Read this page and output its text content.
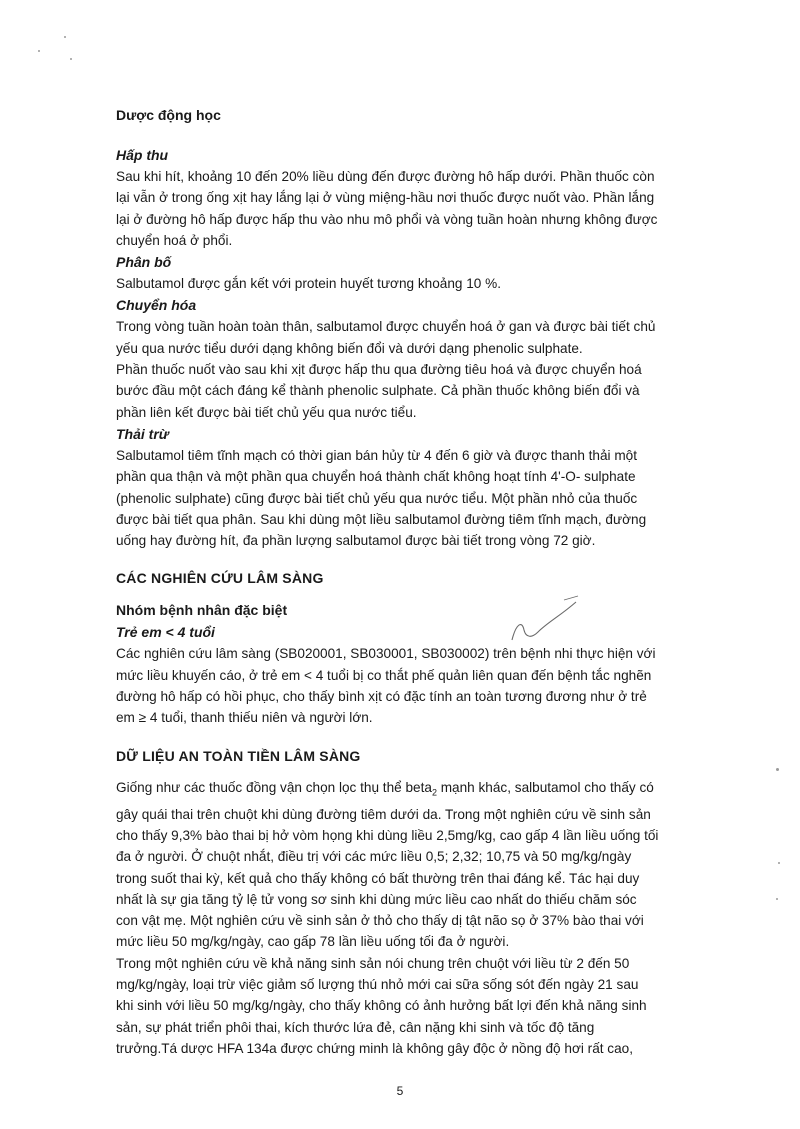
Dược động học
Hấp thu

Sau khi hít, khoảng 10 đến 20% liều dùng đến được đường hô hấp dưới. Phần thuốc còn

lại vẫn ở trong ống xịt hay lắng lại ở vùng miệng-hầu nơi thuốc được nuốt vào. Phần lắng

lại ở đường hô hấp được hấp thu vào nhu mô phổi và vòng tuần hoàn nhưng không được

chuyển hoá ở phổi.

Phân bố

Salbutamol được gắn kết với protein huyết tương khoảng 10 %.

Chuyển hóa

Trong vòng tuần hoàn toàn thân, salbutamol được chuyển hoá ở gan và được bài tiết chủ

yếu qua nước tiểu dưới dạng không biến đổi và dưới dạng phenolic sulphate.

Phần thuốc nuốt vào sau khi xịt được hấp thu qua đường tiêu hoá và được chuyển hoá

bước đầu một cách đáng kể thành phenolic sulphate. Cả phần thuốc không biến đổi và

phần liên kết được bài tiết chủ yếu qua nước tiểu.

Thải trừ

Salbutamol tiêm tĩnh mạch có thời gian bán hủy từ 4 đến 6 giờ và được thanh thải một

phần qua thận và một phần qua chuyển hoá thành chất không hoạt tính 4'-O- sulphate

(phenolic sulphate) cũng được bài tiết chủ yếu qua nước tiểu. Một phần nhỏ của thuốc

được bài tiết qua phân. Sau khi dùng một liều salbutamol đường tiêm tĩnh mạch, đường

uống hay đường hít, đa phần lượng salbutamol được bài tiết trong vòng 72 giờ.

CÁC NGHIÊN CỨU LÂM SÀNG
Nhóm bệnh nhân đặc biệt
Trẻ em < 4 tuổi

Các nghiên cứu lâm sàng (SB020001, SB030001, SB030002) trên bệnh nhi thực hiện với

mức liều khuyến cáo, ở trẻ em < 4 tuổi bị co thắt phế quản liên quan đến bệnh tắc nghẽn

đường hô hấp có hồi phục, cho thấy bình xịt có đặc tính an toàn tương đương như ở trẻ

em ≥ 4 tuổi, thanh thiếu niên và người lớn.

DỮ LIỆU AN TOÀN TIỀN LÂM SÀNG

Giống như các thuốc đồng vận chọn lọc thụ thể beta$_2$ mạnh khác, salbutamol cho thấy có

gây quái thai trên chuột khi dùng đường tiêm dưới da. Trong một nghiên cứu về sinh sản

cho thấy 9,3% bào thai bị hở vòm họng khi dùng liều 2,5mg/kg, cao gấp 4 lần liều uống tối

đa ở người. Ở chuột nhắt, điều trị với các mức liều 0,5; 2,32; 10,75 và 50 mg/kg/ngày

trong suốt thai kỳ, kết quả cho thấy không có bất thường trên thai đáng kể. Tác hại duy

nhất là sự gia tăng tỷ lệ tử vong sơ sinh khi dùng mức liều cao nhất do thiếu chăm sóc

con vật mẹ. Một nghiên cứu về sinh sản ở thỏ cho thấy dị tật não sọ ở 37% bào thai với

mức liều 50 mg/kg/ngày, cao gấp 78 lần liều uống tối đa ở người.

Trong một nghiên cứu về khả năng sinh sản nói chung trên chuột với liều từ 2 đến 50

mg/kg/ngày, loại trừ việc giảm số lượng thú nhỏ mới cai sữa sống sót đến ngày 21 sau

khi sinh với liều 50 mg/kg/ngày, cho thấy không có ảnh hưởng bất lợi đến khả năng sinh

sản, sự phát triển phôi thai, kích thước lứa đẻ, cân nặng khi sinh và tốc độ tăng

trưởng.Tá dược HFA 134a được chứng minh là không gây độc ở nồng độ hơi rất cao,

5
